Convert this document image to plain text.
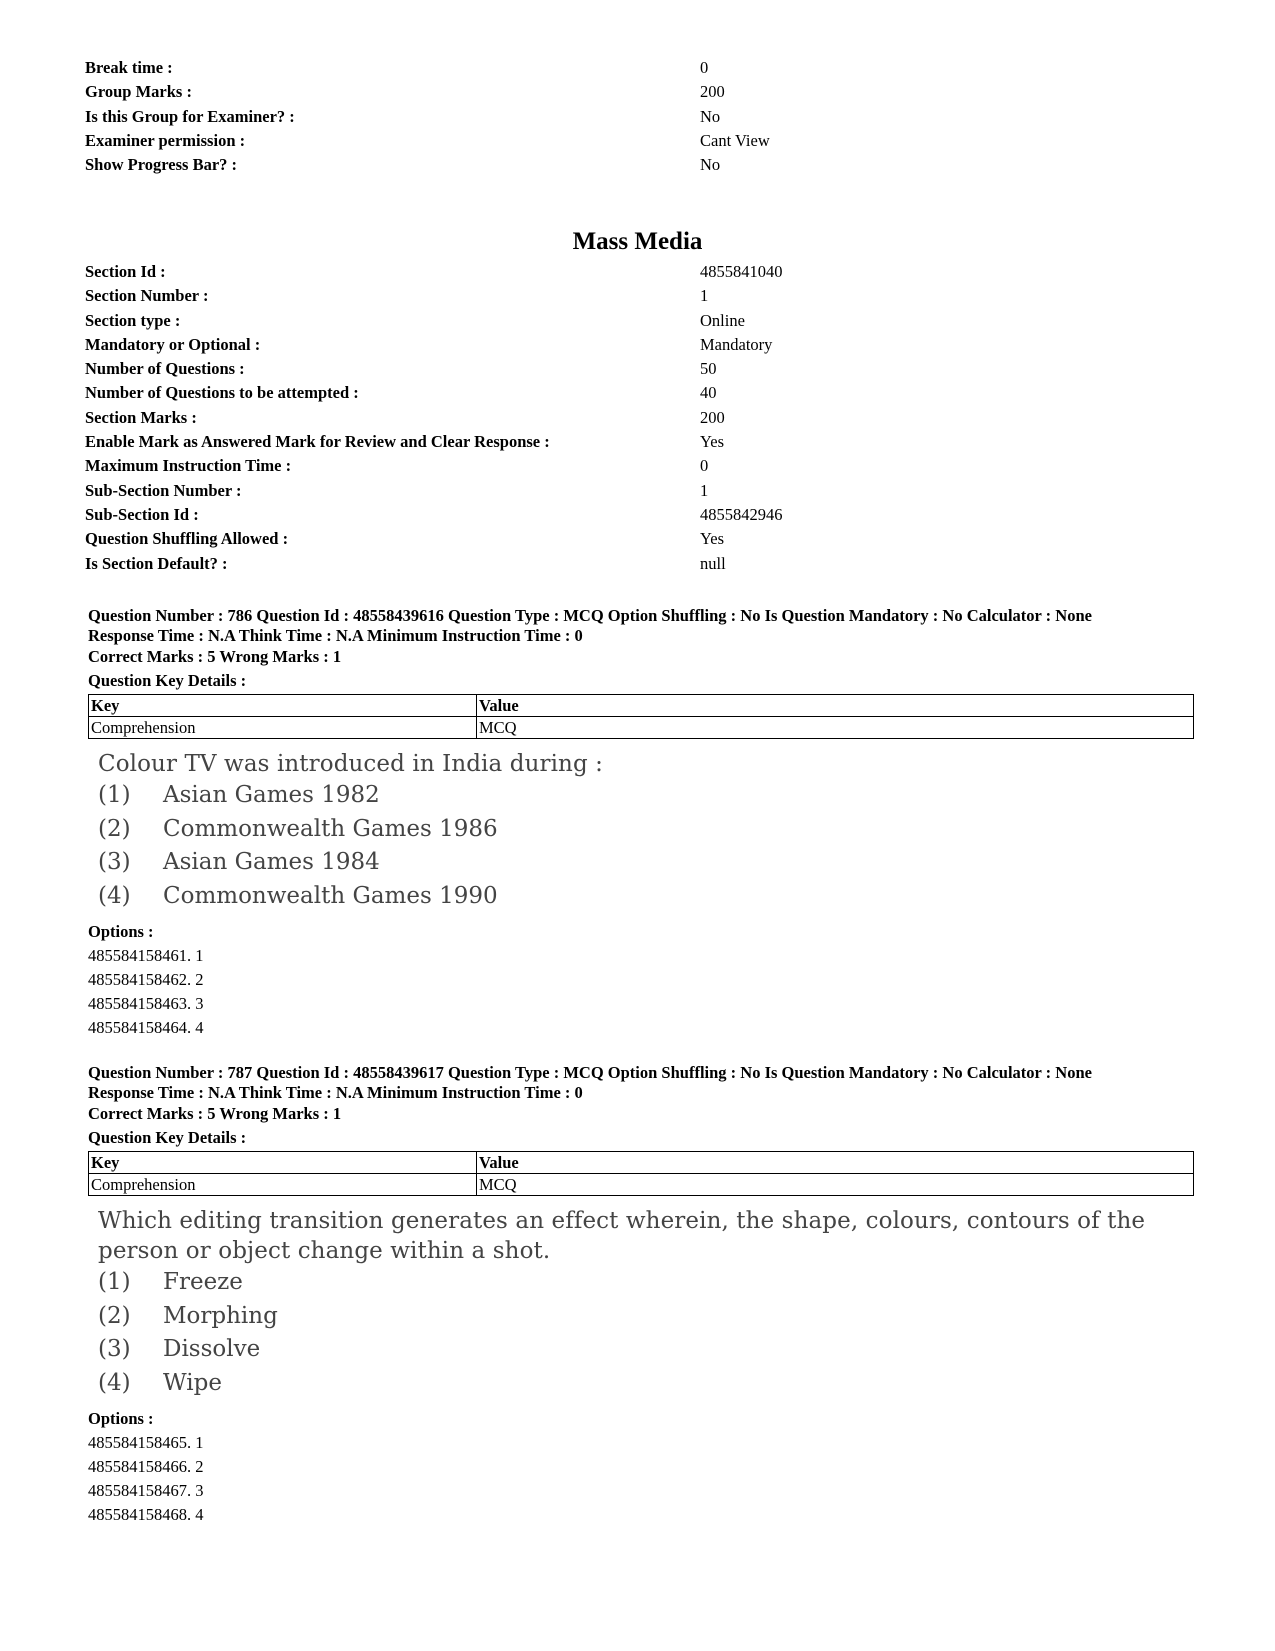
Break time :	0
Group Marks :	200
Is this Group for Examiner? :	No
Examiner permission :	Cant View
Show Progress Bar? :	No
Mass Media
Section Id :	4855841040
Section Number :	1
Section type :	Online
Mandatory or Optional :	Mandatory
Number of Questions :	50
Number of Questions to be attempted :	40
Section Marks :	200
Enable Mark as Answered Mark for Review and Clear Response :	Yes
Maximum Instruction Time :	0
Sub-Section Number :	1
Sub-Section Id :	4855842946
Question Shuffling Allowed :	Yes
Is Section Default? :	null
Question Number : 786 Question Id : 48558439616 Question Type : MCQ Option Shuffling : No Is Question Mandatory : No Calculator : None
Response Time : N.A Think Time : N.A Minimum Instruction Time : 0
Correct Marks : 5 Wrong Marks : 1
Question Key Details :
Key	Value
Comprehension	MCQ
Colour TV was introduced in India during :
(1) Asian Games 1982
(2) Commonwealth Games 1986
(3) Asian Games 1984
(4) Commonwealth Games 1990
Options :
485584158461. 1
485584158462. 2
485584158463. 3
485584158464. 4
Question Number : 787 Question Id : 48558439617 Question Type : MCQ Option Shuffling : No Is Question Mandatory : No Calculator : None
Response Time : N.A Think Time : N.A Minimum Instruction Time : 0
Correct Marks : 5 Wrong Marks : 1
Question Key Details :
Key	Value
Comprehension	MCQ
Which editing transition generates an effect wherein, the shape, colours, contours of the person or object change within a shot.
(1) Freeze
(2) Morphing
(3) Dissolve
(4) Wipe
Options :
485584158465. 1
485584158466. 2
485584158467. 3
485584158468. 4
